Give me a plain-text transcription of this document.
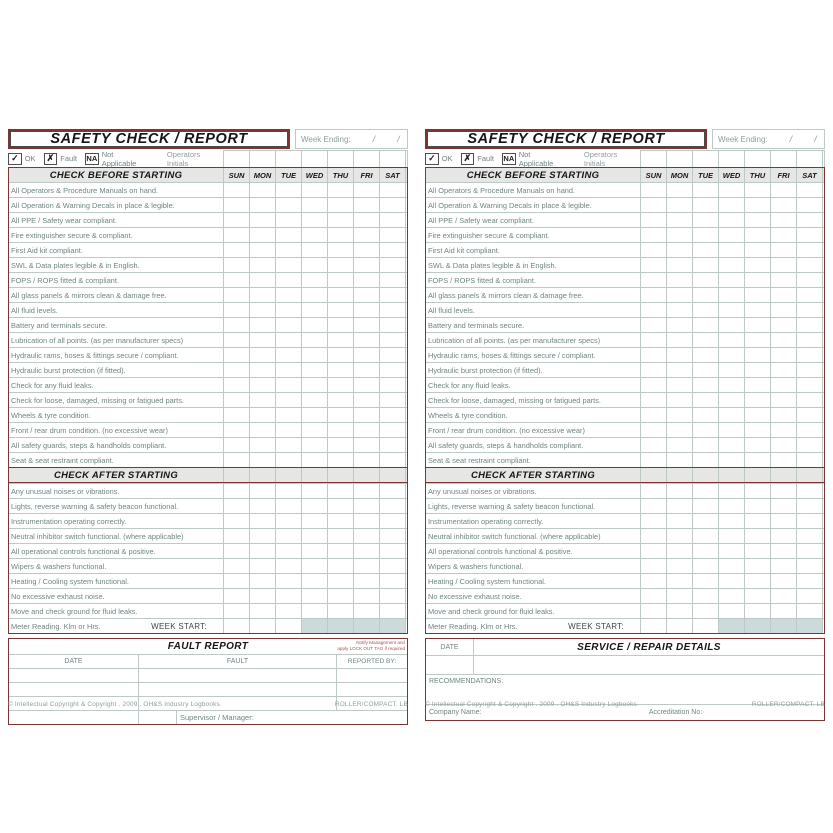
SAFETY CHECK / REPORT	Week Ending: / /
✓ OK	✗ Fault NA Not Applicable
Operators Initials
CHECK BEFORE STARTING	SUN	MON	TUE	WED	THU	FRI	SAT
All Operators & Procedure Manuals on hand.
All Operation & Warning Decals in place & legible.
All PPE / Safety wear compliant.
Fire extinguisher secure & compliant.
First Aid kit compliant.
SWL & Data plates legible & in English.
FOPS / ROPS fitted & compliant.
All glass panels & mirrors clean & damage free.
All fluid levels.
Battery and terminals secure.
Lubrication of all points. (as per manufacturer specs)
Hydraulic rams, hoses & fittings secure / compliant.
Hydraulic burst protection (if fitted).
Check for any fluid leaks.
Check for loose, damaged, missing or fatigued parts.
Wheels & tyre condition.
Front / rear drum condition. (no excessive wear)
All safety guards, steps & handholds compliant.
Seat & seat restraint compliant.
CHECK AFTER STARTING
Any unusual noises or vibrations.
Lights, reverse warning & safety beacon functional.
Instrumentation operating correctly.
Neutral inhibitor switch functional. (where applicable)
All operational controls functional & positive.
Wipers & washers functional.
Heating / Cooling system functional.
No excessive exhaust noise.
Move and check ground for fluid leaks.
Meter Reading. Klm or Hrs.	WEEK START:
FAULT REPORT	Notify Management and
apply LOCK OUT TAG if required
DATE	FAULT	REPORTED BY:
Supervisor / Manager:
© Intellectual Copyright & Copyright . 2009 . OH&S Industry Logbooks.	ROLLER/COMPACT. LB
SAFETY CHECK / REPORT	Week Ending: / /
✓ OK	✗ Fault NA Not Applicable
Operators Initials
CHECK BEFORE STARTING	SUN	MON	TUE	WED	THU	FRI	SAT
All Operators & Procedure Manuals on hand.
All Operation & Warning Decals in place & legible.
All PPE / Safety wear compliant.
Fire extinguisher secure & compliant.
First Aid kit compliant.
SWL & Data plates legible & in English.
FOPS / ROPS fitted & compliant.
All glass panels & mirrors clean & damage free.
All fluid levels.
Battery and terminals secure.
Lubrication of all points. (as per manufacturer specs)
Hydraulic rams, hoses & fittings secure / compliant.
Hydraulic burst protection (if fitted).
Check for any fluid leaks.
Check for loose, damaged, missing or fatigued parts.
Wheels & tyre condition.
Front / rear drum condition. (no excessive wear)
All safety guards, steps & handholds compliant.
Seat & seat restraint compliant.
CHECK AFTER STARTING
Any unusual noises or vibrations.
Lights, reverse warning & safety beacon functional.
Instrumentation operating correctly.
Neutral inhibitor switch functional. (where applicable)
All operational controls functional & positive.
Wipers & washers functional.
Heating / Cooling system functional.
No excessive exhaust noise.
Move and check ground for fluid leaks.
Meter Reading. Klm or Hrs.	WEEK START:
DATE	SERVICE / REPAIR DETAILS
RECOMMENDATIONS:
Company Name:	Accreditation No:
© Intellectual Copyright & Copyright . 2009 . OH&S Industry Logbooks.	ROLLER/COMPACT. LB
